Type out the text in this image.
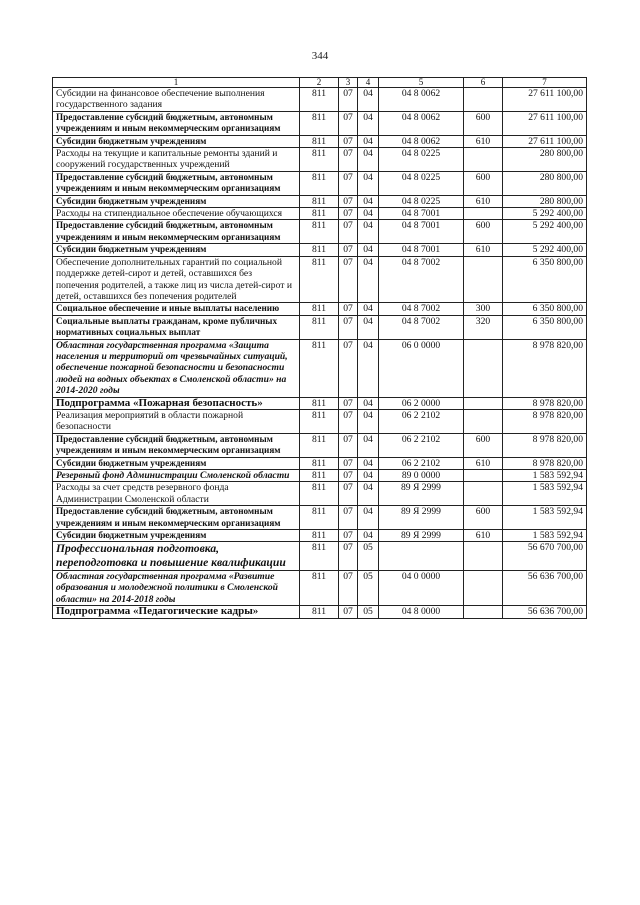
344
1	2	3	4	5	6	7
Субсидии на финансовое обеспечение выполнения государственного задания	811	07	04	04 8 0062		27 611 100,00
Предоставление субсидий бюджетным, автономным учреждениям и иным некоммерческим организациям	811	07	04	04 8 0062	600	27 611 100,00
Субсидии бюджетным учреждениям	811	07	04	04 8 0062	610	27 611 100,00
Расходы на текущие и капитальные ремонты зданий и сооружений государственных учреждений	811	07	04	04 8 0225		280 800,00
Предоставление субсидий бюджетным, автономным учреждениям и иным некоммерческим организациям	811	07	04	04 8 0225	600	280 800,00
Субсидии бюджетным учреждениям	811	07	04	04 8 0225	610	280 800,00
Расходы на стипендиальное обеспечение обучающихся	811	07	04	04 8 7001		5 292 400,00
Предоставление субсидий бюджетным, автономным учреждениям и иным некоммерческим организациям	811	07	04	04 8 7001	600	5 292 400,00
Субсидии бюджетным учреждениям	811	07	04	04 8 7001	610	5 292 400,00
Обеспечение дополнительных гарантий по социальной поддержке детей-сирот и детей, оставшихся без попечения родителей, а также лиц из числа детей-сирот и детей, оставшихся без попечения родителей	811	07	04	04 8 7002		6 350 800,00
Социальное обеспечение и иные выплаты населению	811	07	04	04 8 7002	300	6 350 800,00
Социальные выплаты гражданам, кроме публичных нормативных социальных выплат	811	07	04	04 8 7002	320	6 350 800,00
Областная государственная программа «Защита населения и территорий от чрезвычайных ситуаций, обеспечение пожарной безопасности и безопасности людей на водных объектах в Смоленской области» на 2014-2020 годы	811	07	04	06 0 0000		8 978 820,00
Подпрограмма «Пожарная безопасность»	811	07	04	06 2 0000		8 978 820,00
Реализация мероприятий в области пожарной безопасности	811	07	04	06 2 2102		8 978 820,00
Предоставление субсидий бюджетным, автономным учреждениям и иным некоммерческим организациям	811	07	04	06 2 2102	600	8 978 820,00
Субсидии бюджетным учреждениям	811	07	04	06 2 2102	610	8 978 820,00
Резервный фонд Администрации Смоленской области	811	07	04	89 0 0000		1 583 592,94
Расходы за счет средств резервного фонда Администрации Смоленской области	811	07	04	89 Я 2999		1 583 592,94
Предоставление субсидий бюджетным, автономным учреждениям и иным некоммерческим организациям	811	07	04	89 Я 2999	600	1 583 592,94
Субсидии бюджетным учреждениям	811	07	04	89 Я 2999	610	1 583 592,94
Профессиональная подготовка, переподготовка и повышение квалификации	811	07	05			56 670 700,00
Областная государственная программа «Развитие образования и молодежной политики в Смоленской области» на 2014-2018 годы	811	07	05	04 0 0000		56 636 700,00
Подпрограмма «Педагогические кадры»	811	07	05	04 8 0000		56 636 700,00
